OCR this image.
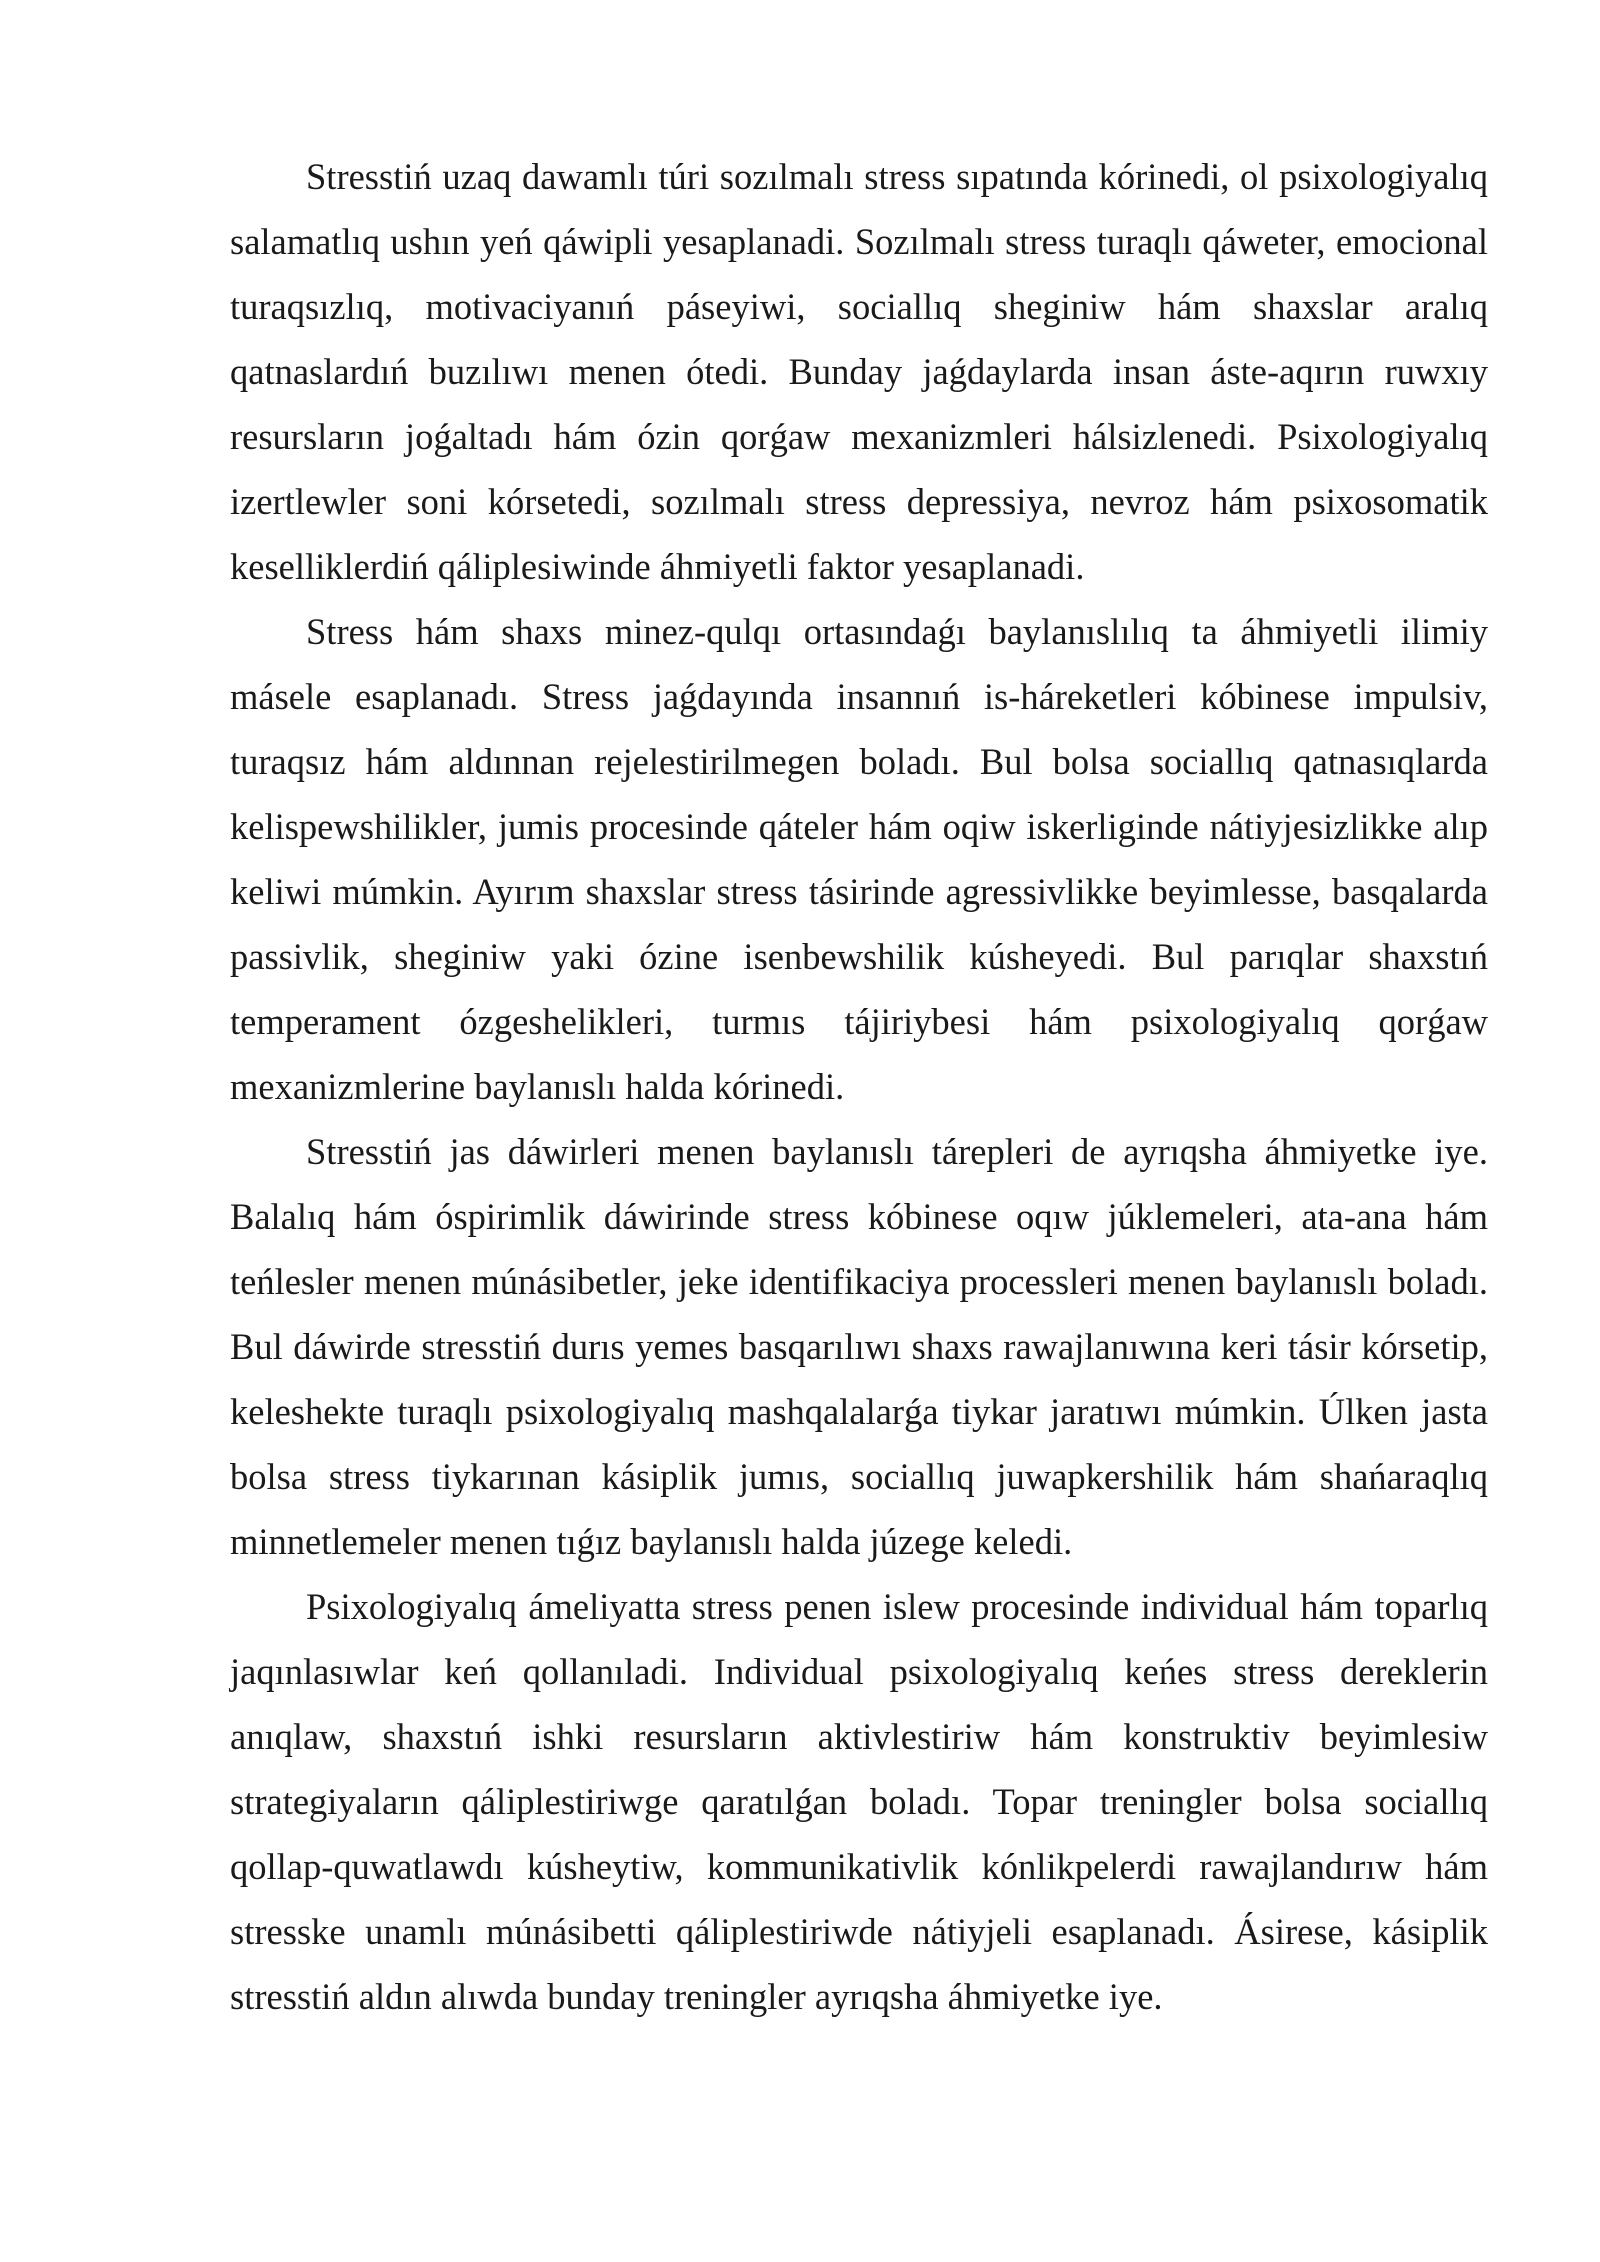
Stresstiń uzaq dawamlı túri sozılmalı stress sıpatında kórinedi, ol psixologiyalıq salamatlıq ushın yeń qáwipli yesaplanadi. Sozılmalı stress turaqlı qáweter, emocional turaqsızlıq, motivaciyanıń páseyiwi, sociallıq sheginiw hám shaxslar aralıq qatnaslardıń buzılıwı menen ótedi. Bunday jaǵdaylarda insan áste-aqırın ruwxıy resursların joǵaltadı hám ózin qorǵaw mexanizmleri hálsizlenedi. Psixologiyalıq izertlewler soni kórsetedi, sozılmalı stress depressiya, nevroz hám psixosomatik keselliklerdiń qáliplesiwinde áhmiyetli faktor yesaplanadi.

Stress hám shaxs minez-qulqı ortasındaǵı baylanıslılıq ta áhmiyetli ilimiy másele esaplanadı. Stress jaǵdayında insannıń is-háreketleri kóbinese impulsiv, turaqsız hám aldınnan rejelestirilmegen boladı. Bul bolsa sociallıq qatnasıqlarda kelispewshilikler, jumis procesinde qáteler hám oqiw iskerliginde nátiyjesizlikke alıp keliwi múmkin. Ayırım shaxslar stress tásirinde agressivlikke beyimlesse, basqalarda passivlik, sheginiw yaki ózine isenbewshilik kúsheyedi. Bul parıqlar shaxstıń temperament ózgeshelikleri, turmıs tájiriybesi hám psixologiyalıq qorǵaw mexanizmlerine baylanıslı halda kórinedi.

Stresstiń jas dáwirleri menen baylanıslı tárepleri de ayrıqsha áhmiyetke iye. Balalıq hám óspirimlik dáwirinde stress kóbinese oqıw júklemeleri, ata-ana hám teńlesler menen múnásibetler, jeke identifikaciya processleri menen baylanıslı boladı. Bul dáwirde stresstiń durıs yemes basqarılıwı shaxs rawajlanıwına keri tásir kórsetip, keleshekte turaqlı psixologiyalıq mashqalalarǵa tiykar jaratıwı múmkin. Úlken jasta bolsa stress tiykarınan kásiplik jumıs, sociallıq juwapkershilik hám shańaraqlıq minnetlemeler menen tıǵız baylanıslı halda júzege keledi.

Psixologiyalıq ámeliyatta stress penen islew procesinde individual hám toparlıq jaqınlasıwlar keń qollanıladi. Individual psixologiyalıq keńes stress dereklerin anıqlaw, shaxstıń ishki resursların aktivlestiriw hám konstruktiv beyimlesiw strategiyaların qáliplestiriwge qaratılǵan boladı. Topar treningler bolsa sociallıq qollap-quwatlawdı kúsheytiw, kommunikativlik kónlikpelerdi rawajlandırıw hám stresske unamlı múnásibetti qáliplestiriwde nátiyjeli esaplanadı. Ásirese, kásiplik stresstiń aldın alıwda bunday treningler ayrıqsha áhmiyetke iye.
